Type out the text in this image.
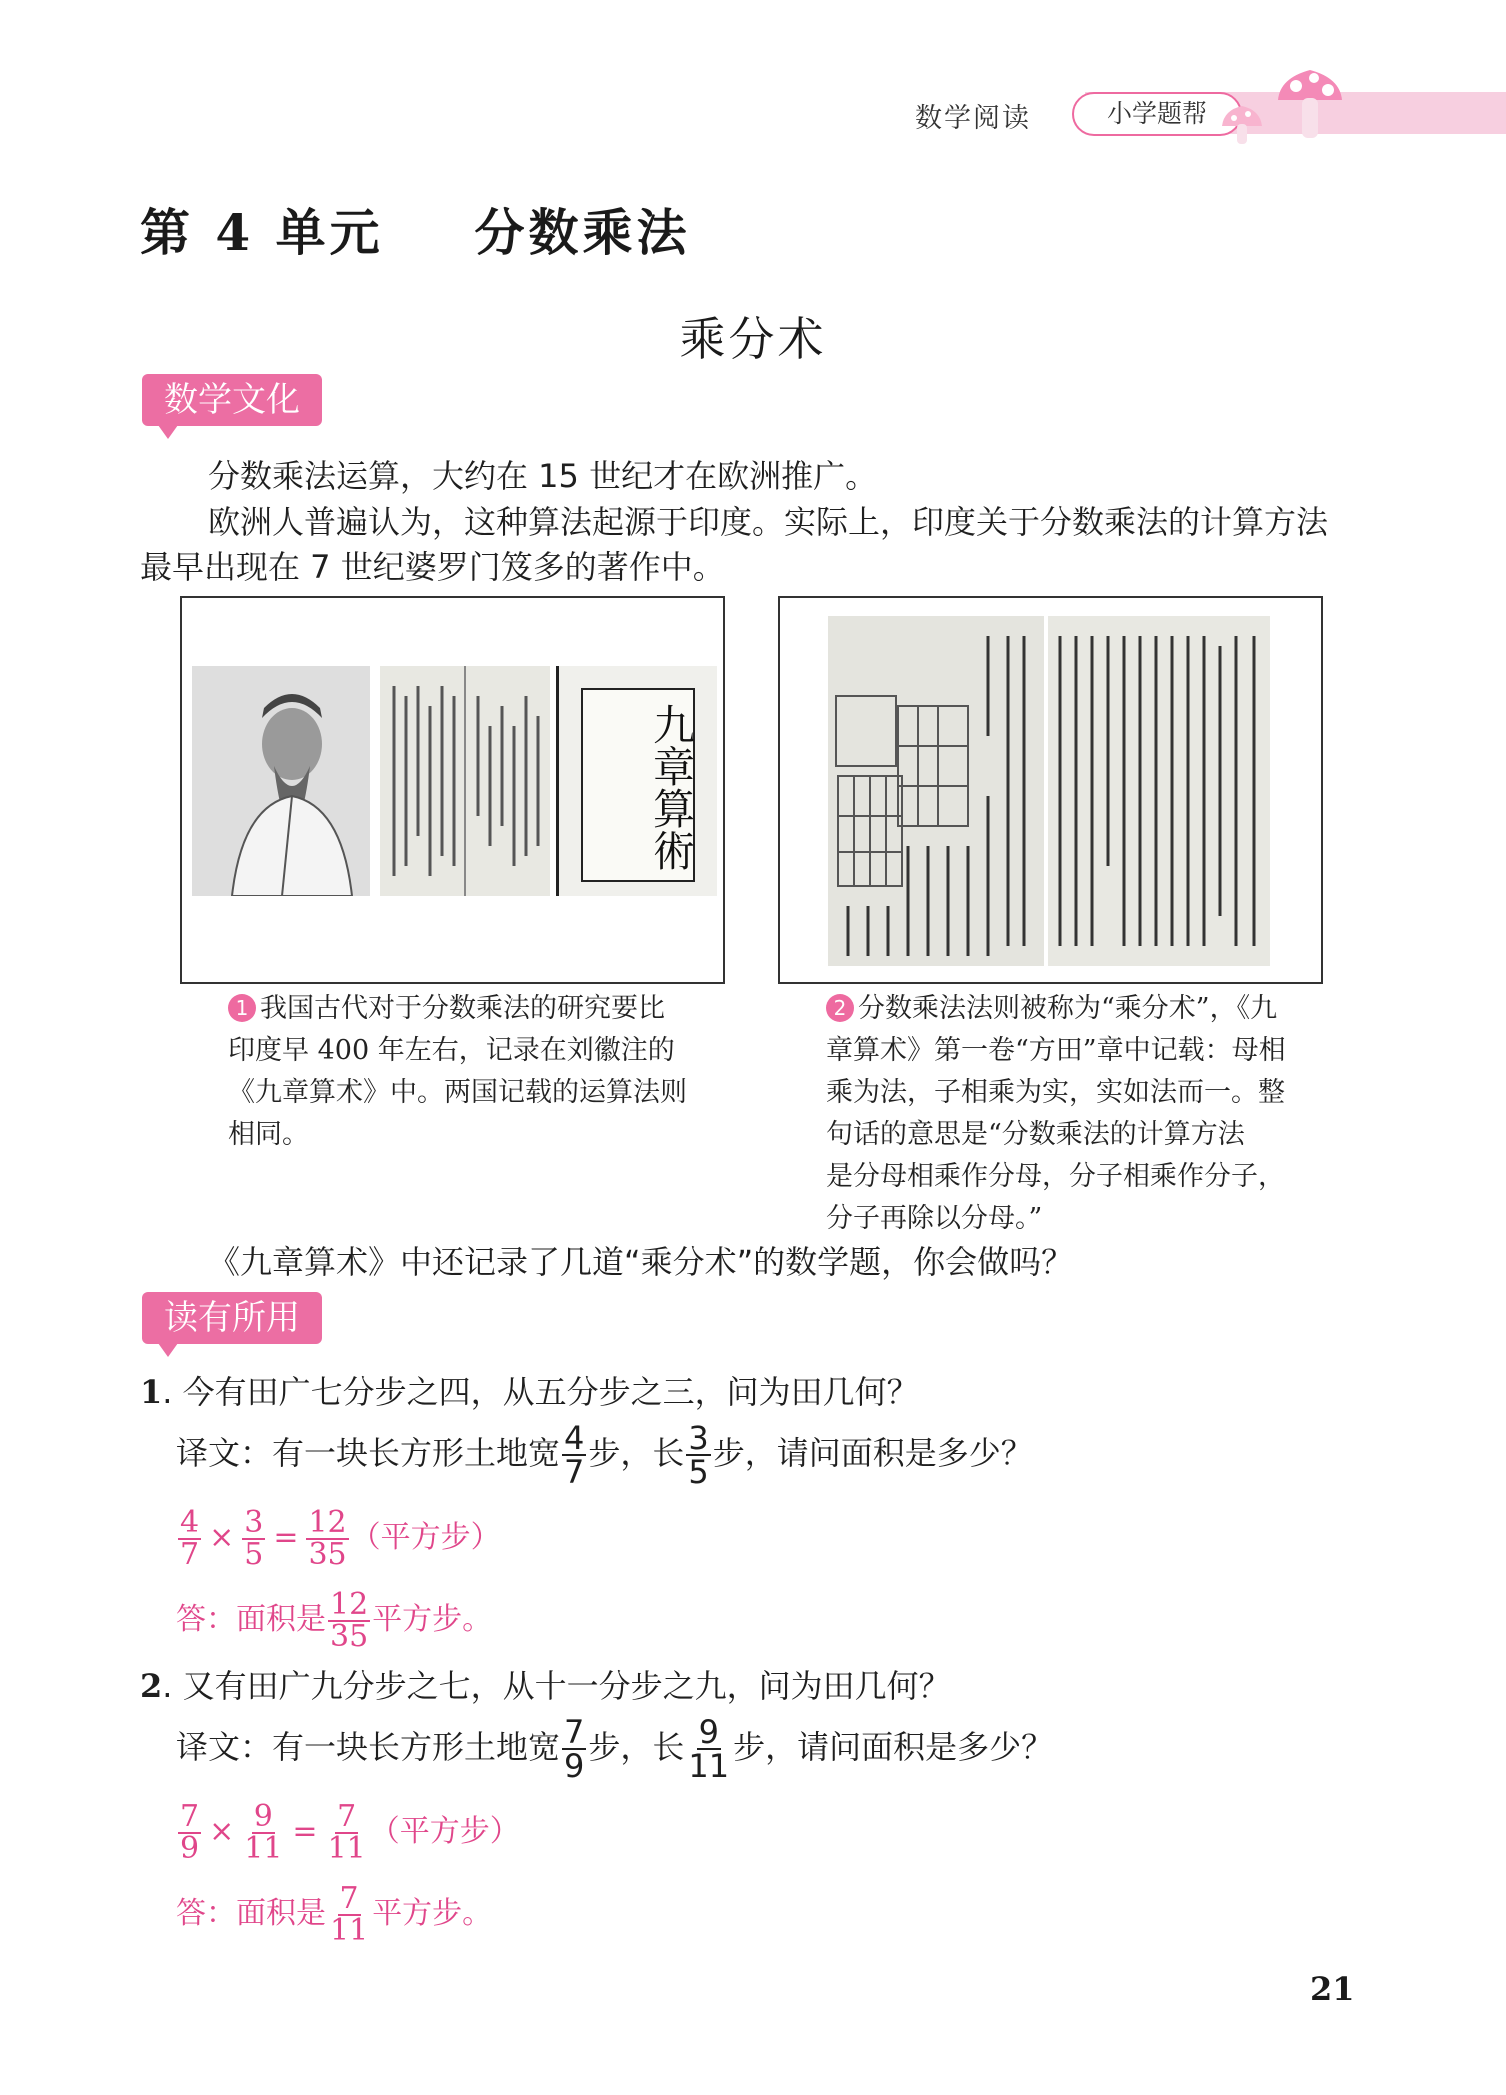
数学阅读	小学题帮
第 4 单元 分数乘法
乘分术
数学文化
分数乘法运算，大约在 15 世纪才在欧洲推广。
欧洲人普遍认为，这种算法起源于印度。实际上，印度关于分数乘法的计算方法
最早出现在 7 世纪婆罗门笈多的著作中。
九章算術
1 我国古代对于分数乘法的研究要比
印度早 400 年左右，记录在刘徽注的
《九章算术》中。两国记载的运算法则
相同。
2 分数乘法法则被称为“乘分术”，《九
章算术》第一卷“方田”章中记载：母相
乘为法，子相乘为实，实如法而一。整
句话的意思是“分数乘法的计算方法
是分母相乘作分母，分子相乘作分子，
分子再除以分母。”
《九章算术》中还记录了几道“乘分术”的数学题，你会做吗？
读有所用
1. 今有田广七分步之四，从五分步之三，问为田几何？
译文：有一块长方形土地宽 $\frac{4}{7}$ 步，长 $\frac{3}{5}$ 步，请问面积是多少？
$\frac{4}{7} \times \frac{3}{5} = \frac{12}{35}$ （平方步）
答：面积是 $\frac{12}{35}$ 平方步。
2. 又有田广九分步之七，从十一分步之九，问为田几何？
译文：有一块长方形土地宽 $\frac{7}{9}$ 步，长 $\frac{9}{11}$ 步，请问面积是多少？
$\frac{7}{9} \times \frac{9}{11} = \frac{7}{11}$ （平方步）
答：面积是 $\frac{7}{11}$ 平方步。
21
